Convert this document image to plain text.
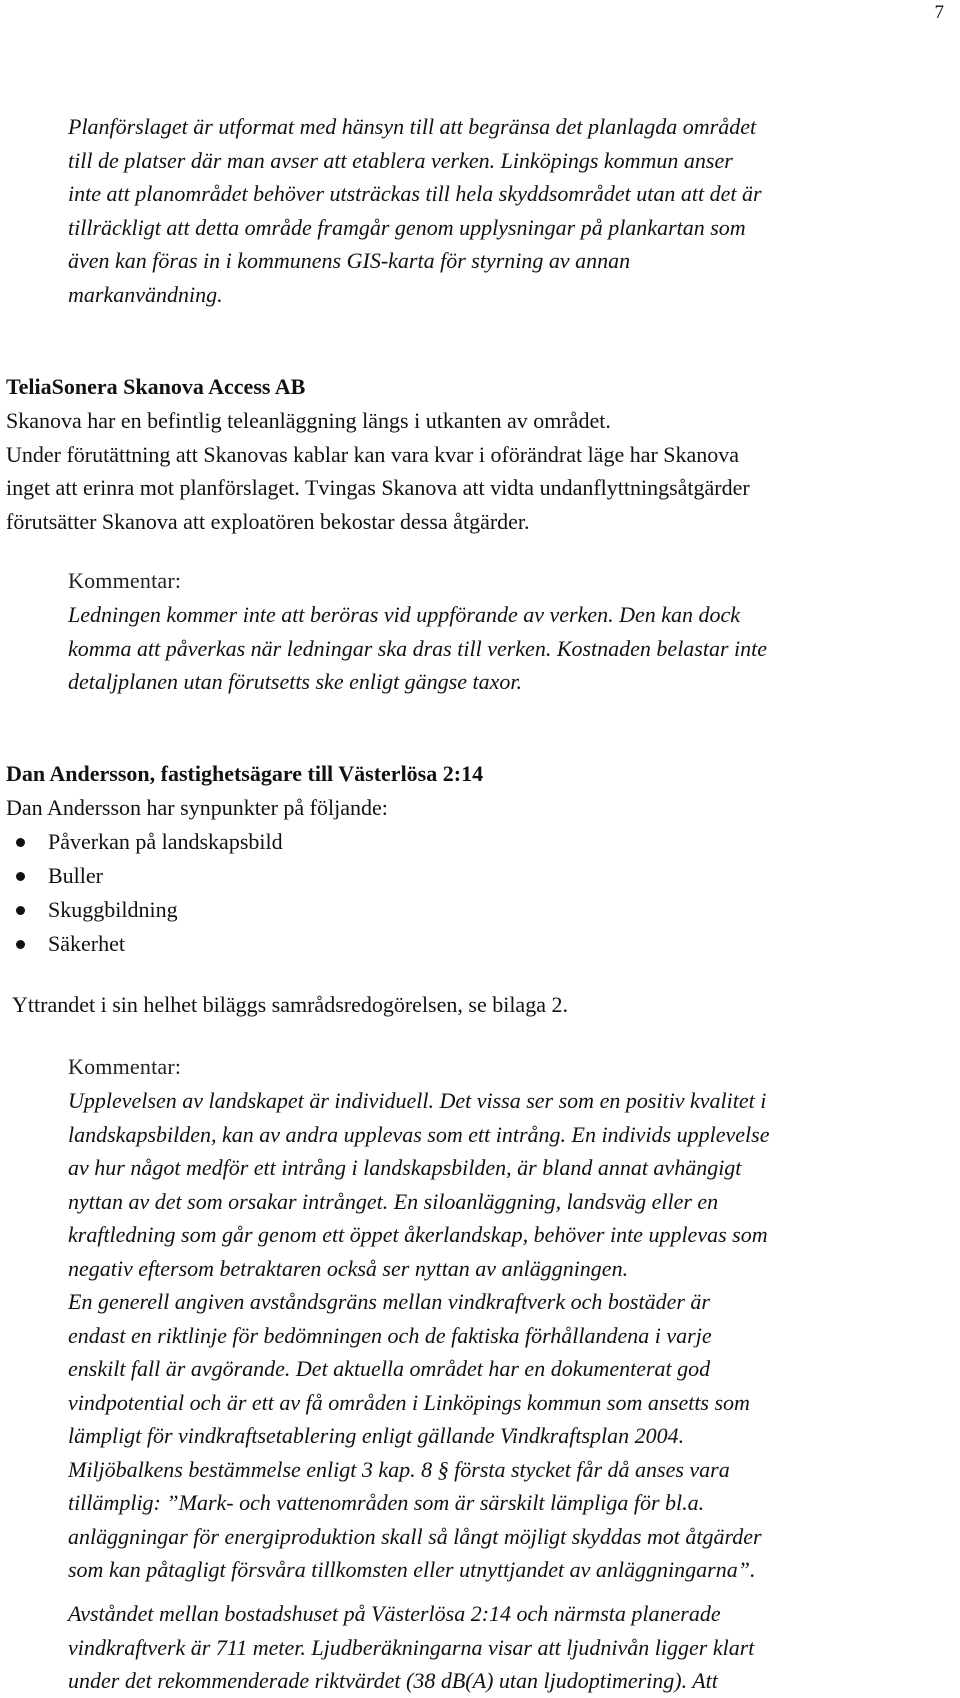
7

Planförslaget är utformat med hänsyn till att begränsa det planlagda området

till de platser där man avser att etablera verken. Linköpings kommun anser

inte att planområdet behöver utsträckas till hela skyddsområdet utan att det är

tillräckligt att detta område framgår genom upplysningar på plankartan som

även kan föras in i kommunens GIS-karta för styrning av annan

markanvändning.

TeliaSonera Skanova Access AB

Skanova har en befintlig teleanläggning längs i utkanten av området.

Under förutättning att Skanovas kablar kan vara kvar i oförändrat läge har Skanova

inget att erinra mot planförslaget. Tvingas Skanova att vidta undanflyttningsåtgärder

förutsätter Skanova att exploatören bekostar dessa åtgärder.

Kommentar:

Ledningen kommer inte att beröras vid uppförande av verken. Den kan dock

komma att påverkas när ledningar ska dras till verken. Kostnaden belastar inte

detaljplanen utan förutsetts ske enligt gängse taxor.

Dan Andersson, fastighetsägare till Västerlösa 2:14

Dan Andersson har synpunkter på följande:

Påverkan på landskapsbild
Buller
Skuggbildning
Säkerhet

Yttrandet i sin helhet biläggs samrådsredogörelsen, se bilaga 2.

Kommentar:

Upplevelsen av landskapet är individuell. Det vissa ser som en positiv kvalitet i

landskapsbilden, kan av andra upplevas som ett intrång. En individs upplevelse

av hur något medför ett intrång i landskapsbilden, är bland annat avhängigt

nyttan av det som orsakar intrånget. En siloanläggning, landsväg eller en

kraftledning som går genom ett öppet åkerlandskap, behöver inte upplevas som

negativ eftersom betraktaren också ser nyttan av anläggningen.

En generell angiven avståndsgräns mellan vindkraftverk och bostäder är

endast en riktlinje för bedömningen och de faktiska förhållandena i varje

enskilt fall är avgörande. Det aktuella området har en dokumenterat god

vindpotential och är ett av få områden i Linköpings kommun som ansetts som

lämpligt för vindkraftsetablering enligt gällande Vindkraftsplan 2004.

Miljöbalkens bestämmelse enligt 3 kap. 8 § första stycket får då anses vara

tillämplig: ”Mark- och vattenområden som är särskilt lämpliga för bl.a.

anläggningar för energiproduktion skall så långt möjligt skyddas mot åtgärder

som kan påtagligt försvåra tillkomsten eller utnyttjandet av anläggningarna”.

Avståndet mellan bostadshuset på Västerlösa 2:14 och närmsta planerade

vindkraftverk är 711 meter. Ljudberäkningarna visar att ljudnivån ligger klart

under det rekommenderade riktvärdet (38 dB(A) utan ljudoptimering). Att
